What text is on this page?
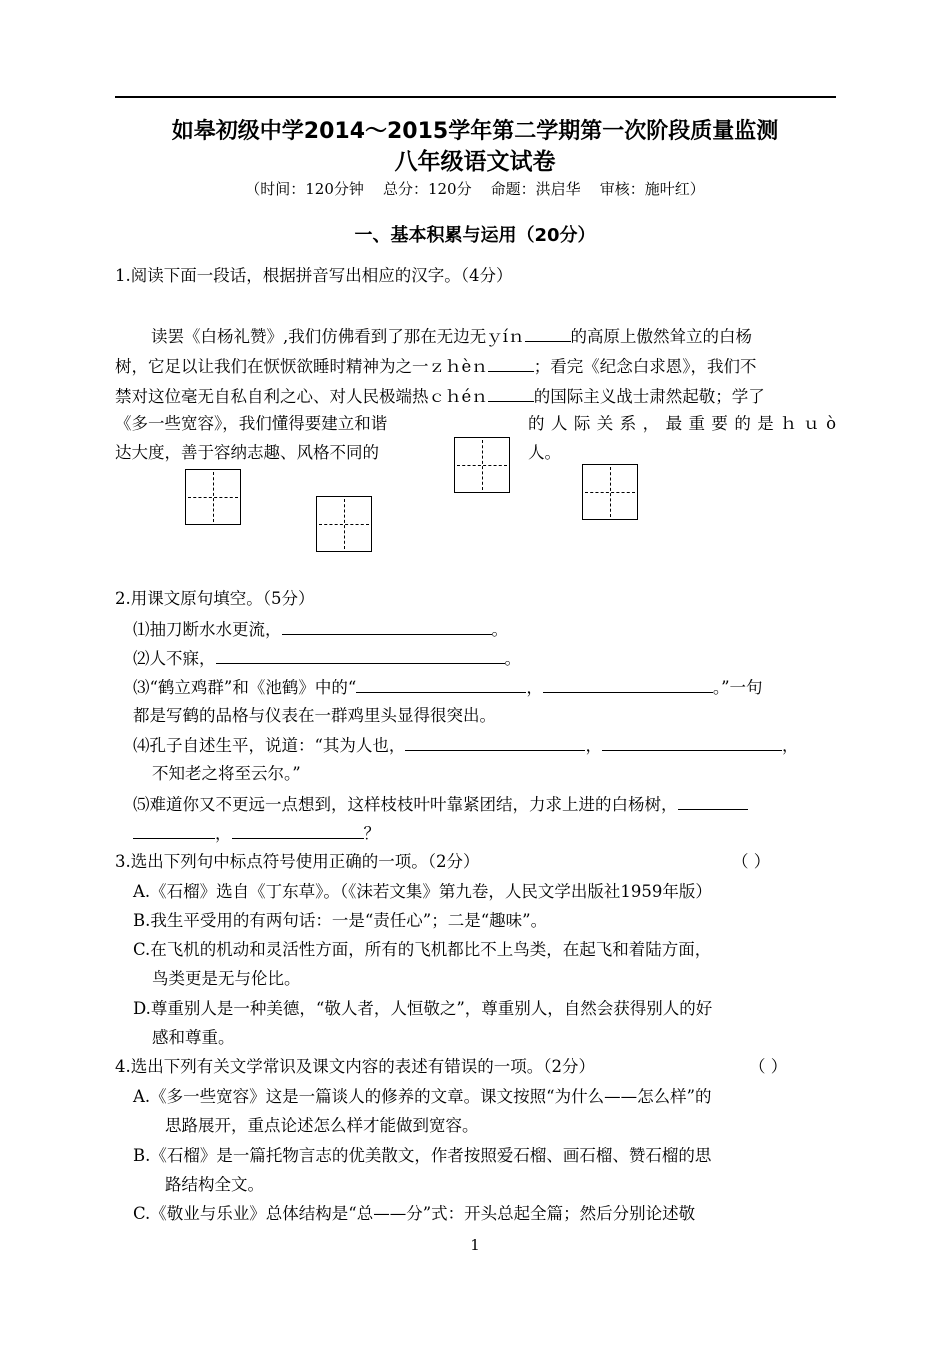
如皋初级中学2014～2015学年第二学期第一次阶段质量监测
八年级语文试卷
（时间：120分钟    总分：120分    命题：洪启华    审核：施叶红）
一、基本积累与运用（20分）
1.阅读下面一段话，根据拼音写出相应的汉字。（4分）
读罢《白杨礼赞》,我们仿佛看到了那在无边无ｙíｎ	的高原上傲然耸立的白杨
树，它足以让我们在恹恹欲睡时精神为之一ｚｈèｎ	；看完《纪念白求恩》，我们不
禁对这位毫无自私自利之心、对人民极端热ｃｈéｎ	的国际主义战士肃然起敬；学了
《多一些宽容》，我们懂得要建立和谐	的人际关系，最重要的是ｈｕò
达大度，善于容纳志趣、风格不同的	人。
2.用课文原句填空。（5分）
⑴抽刀断水水更流，	。
⑵人不寐，	。
⑶“鹤立鸡群”和《池鹤》中的“	，	。”一句
都是写鹤的品格与仪表在一群鸡里头显得很突出。
⑷孔子自述生平，说道：“其为人也，	，	，
不知老之将至云尔。”
⑸难道你又不更远一点想到，这样枝枝叶叶靠紧团结，力求上进的白杨树，
，	？
3.选出下列句中标点符号使用正确的一项。（2分）	（ ）
A.《石榴》选自《丁东草》。（《沫若文集》第九卷，人民文学出版社1959年版）
B.我生平受用的有两句话：一是“责任心”；二是“趣味”。
C.在飞机的机动和灵活性方面，所有的飞机都比不上鸟类，在起飞和着陆方面，
鸟类更是无与伦比。
D.尊重别人是一种美德，“敬人者，人恒敬之”，尊重别人，自然会获得别人的好
感和尊重。
4.选出下列有关文学常识及课文内容的表述有错误的一项。（2分）	（ ）
A.《多一些宽容》这是一篇谈人的修养的文章。课文按照“为什么——怎么样”的
思路展开，重点论述怎么样才能做到宽容。
B.《石榴》是一篇托物言志的优美散文，作者按照爱石榴、画石榴、赞石榴的思
路结构全文。
C.《敬业与乐业》总体结构是“总——分”式：开头总起全篇；然后分别论述敬
1
